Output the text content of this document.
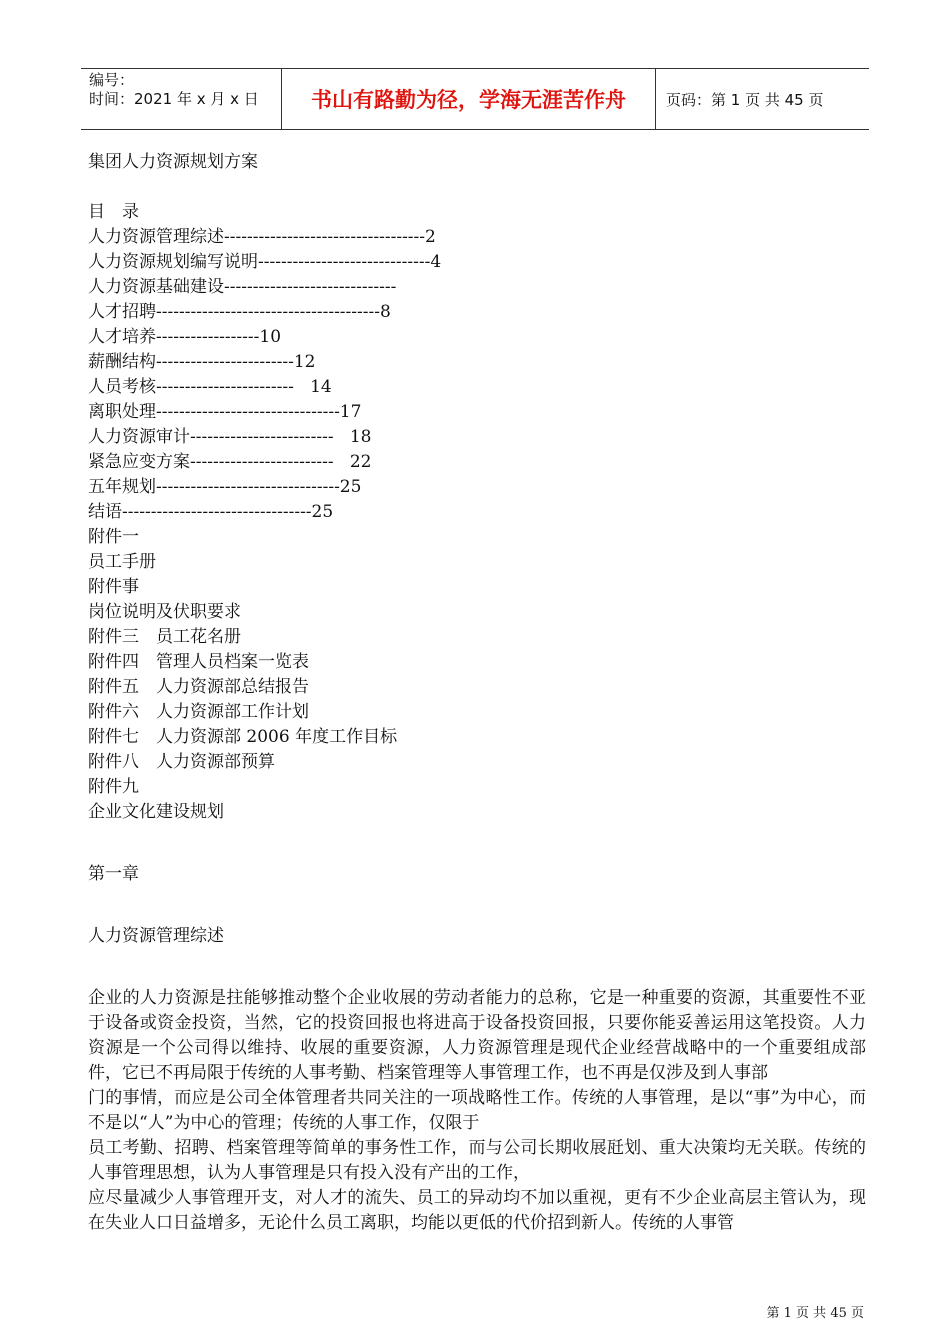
编号：
时间：2021 年 x 月 x 日	书山有路勤为径，学海无涯苦作舟	页码：第 1 页 共 45 页
集团人力资源规划方案
目　录
人力资源管理综述-----------------------------------2
人力资源规划编写说明------------------------------4
人力资源基础建设------------------------------
人才招聘---------------------------------------8
人才培养------------------10
薪酬结构------------------------12
人员考核------------------------   14
离职处理--------------------------------17
人力资源审计-------------------------   18
紧急应变方案-------------------------   22
五年规划--------------------------------25
结语---------------------------------25
附件一
员工手册
附件事
岗位说明及伏职要求
附件三　员工花名册
附件四　管理人员档案一览表
附件五　人力资源部总结报告
附件六　人力资源部工作计划
附件七　人力资源部 2006 年度工作目标
附件八　人力资源部预算
附件九
企业文化建设规划
第一章
人力资源管理综述
企业的人力资源是拄能够推动整个企业收展的劳动者能力的总称，它是一种重要的资源，其重要性不亚于设备或资金投资，当然，它的投资回报也将进高于设备投资回报，只要你能妥善运用这笔投资。人力资源是一个公司得以维持、收展的重要资源，人力资源管理是现代企业经营战略中的一个重要组成部件，它已不再局限于传统的人事考勤、档案管理等人事管理工作，也不再是仅涉及到人事部
门的事情，而应是公司全体管理者共同关注的一项战略性工作。传统的人事管理，是以“事”为中心，而不是以“人”为中心的管理；传统的人事工作，仅限于
员工考勤、招聘、档案管理等简单的事务性工作，而与公司长期收展瓩划、重大决策均无关联。传统的人事管理思想，认为人事管理是只有投入没有产出的工作，
应尽量减少人事管理开支，对人才的流失、员工的异动均不加以重视，更有不少企业高层主管认为，现在失业人口日益增多，无论什么员工离职，均能以更低的代价招到新人。传统的人事管
第 1 页 共 45 页
